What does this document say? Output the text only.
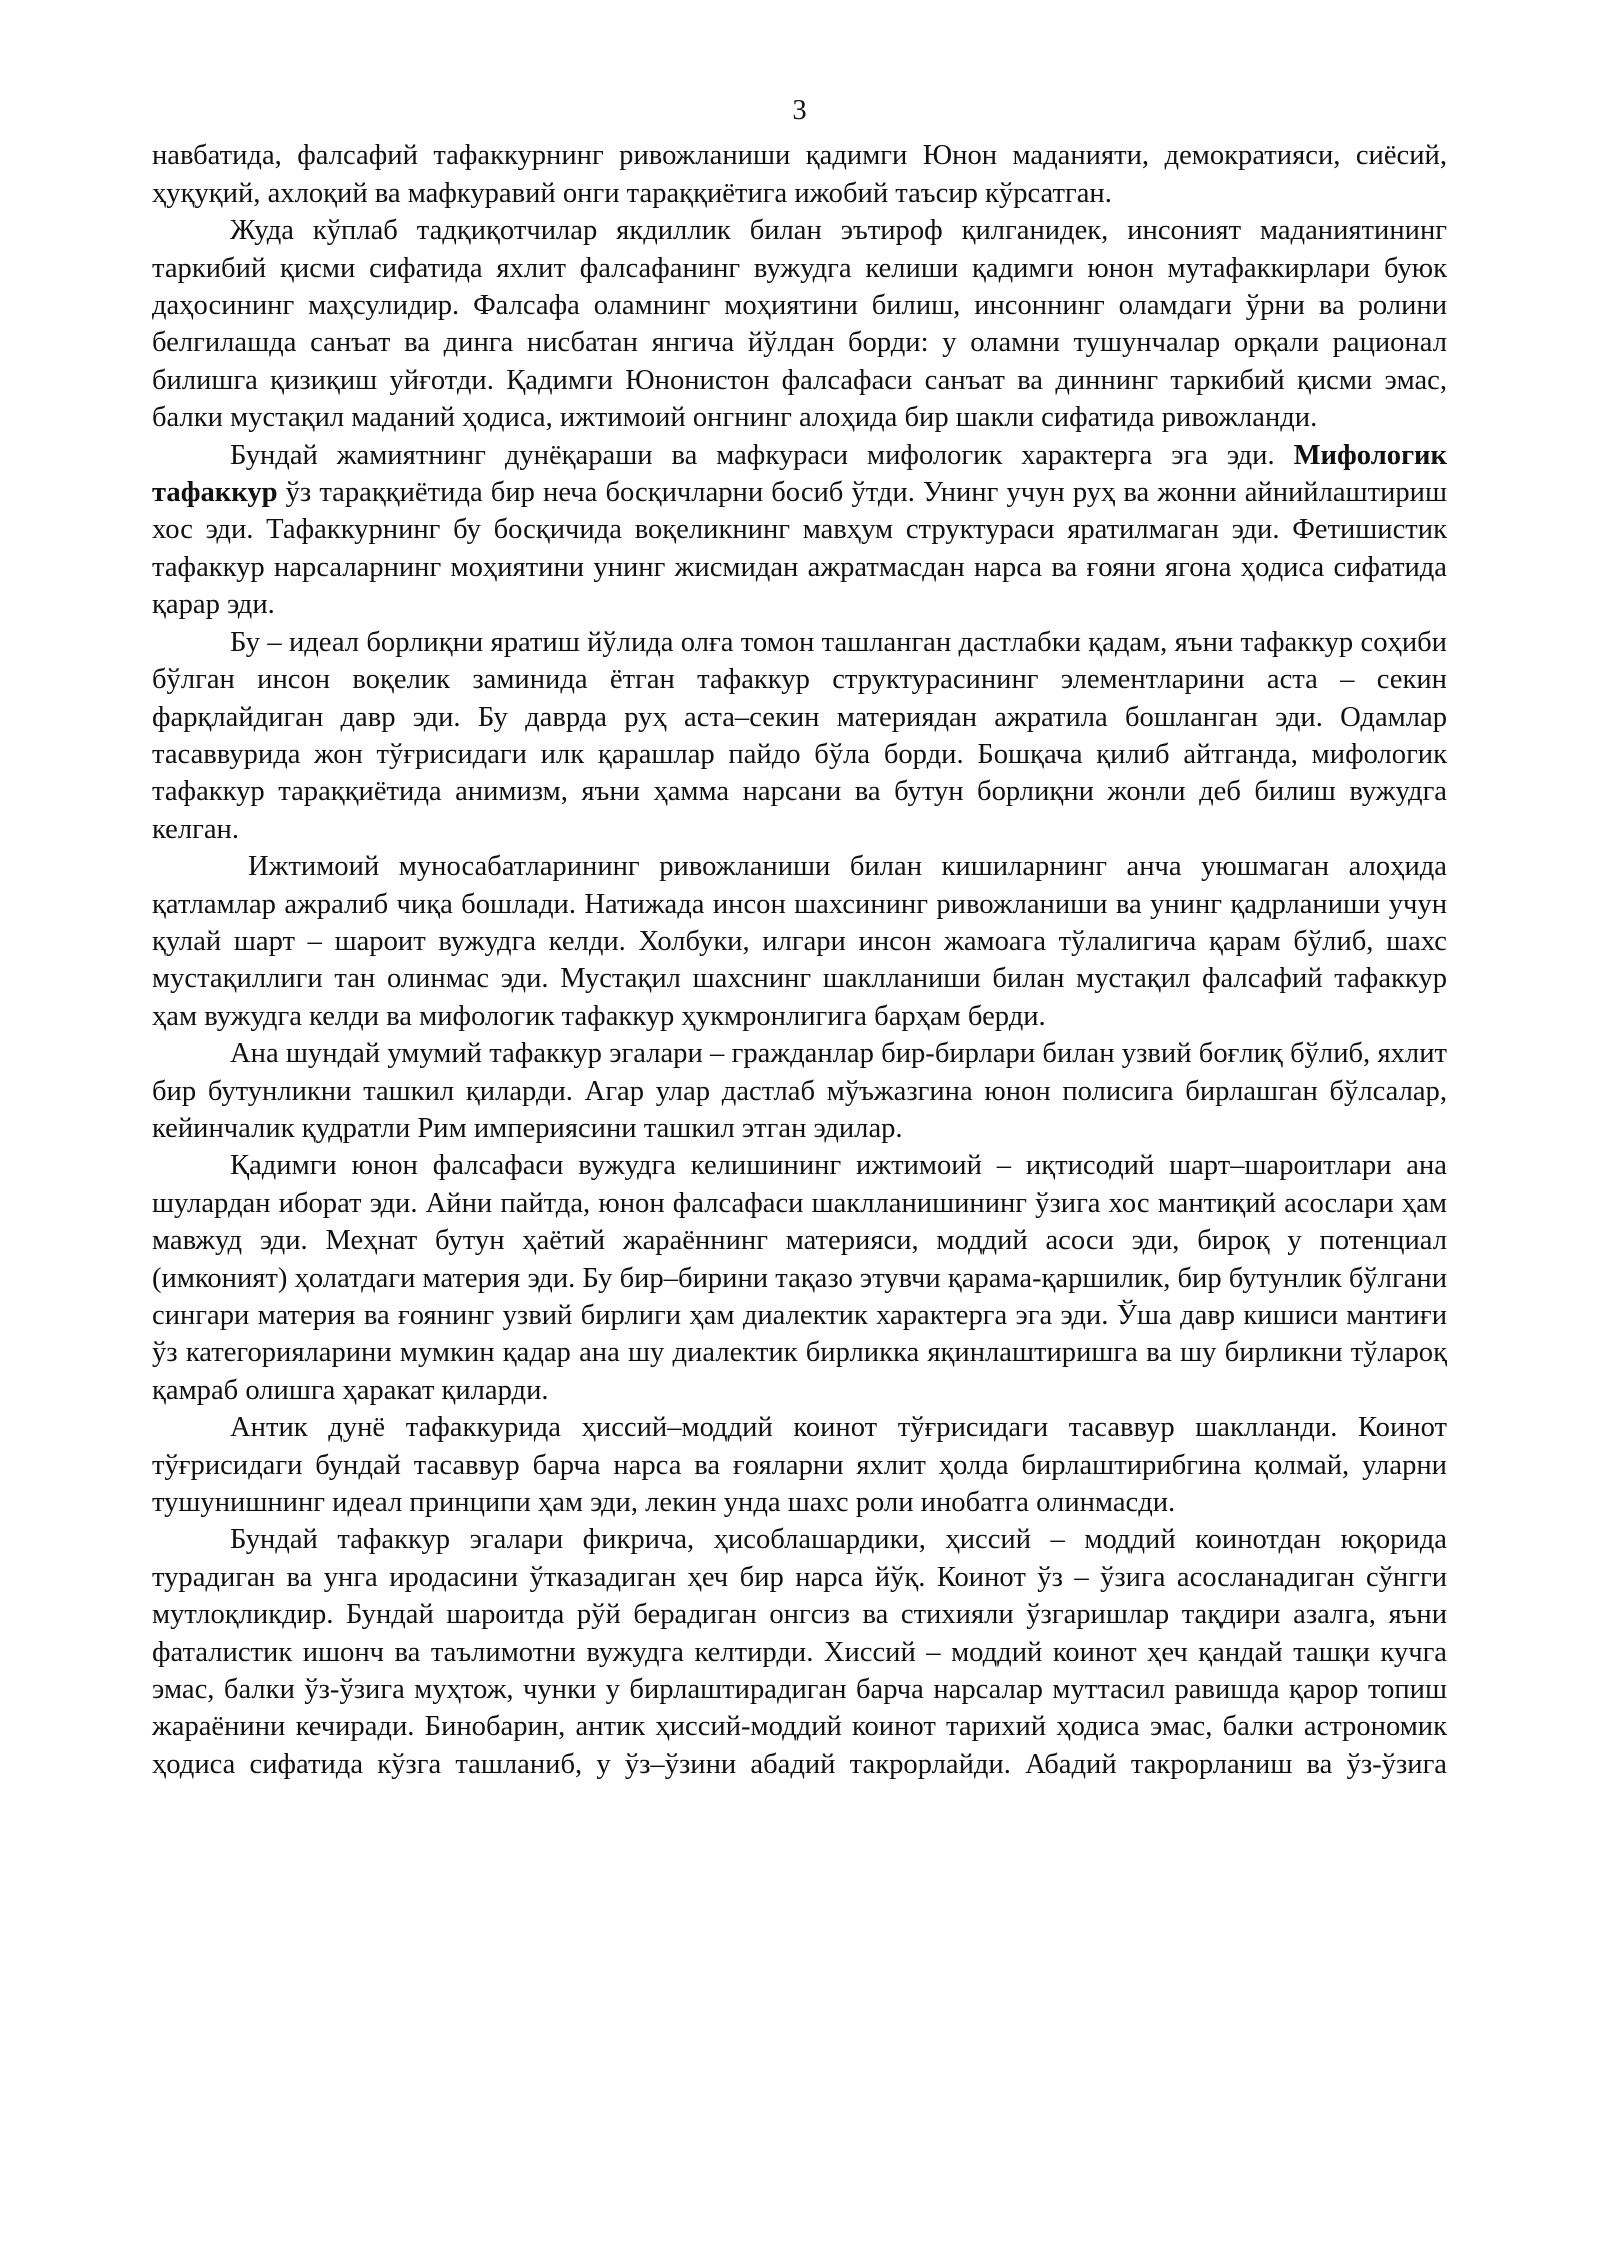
3

навбатида, фалсафий тафаккурнинг ривожланиши қадимги Юнон маданияти, демократияси, сиёсий, ҳуқуқий, ахлоқий ва мафкуравий онги тараққиётига ижобий таъсир кўрсатган.

Жуда кўплаб тадқиқотчилар якдиллик билан эътироф қилганидек, инсоният маданиятининг таркибий қисми сифатида яхлит фалсафанинг вужудга келиши қадимги юнон мутафаккирлари буюк даҳосининг маҳсулидир. Фалсафа оламнинг моҳиятини билиш, инсоннинг оламдаги ўрни ва ролини белгилашда санъат ва динга нисбатан янгича йўлдан борди: у оламни тушунчалар орқали рационал билишга қизиқиш уйғотди. Қадимги Юнонистон фалсафаси санъат ва диннинг таркибий қисми эмас, балки мустақил маданий ҳодиса, ижтимоий онгнинг алоҳида бир шакли сифатида ривожланди.

Бундай жамиятнинг дунёқараши ва мафкураси мифологик характерга эга эди. Мифологик тафаккур ўз тараққиётида бир неча босқичларни босиб ўтди. Унинг учун руҳ ва жонни айнийлаштириш хос эди. Тафаккурнинг бу босқичида воқеликнинг мавҳум структураси яратилмаган эди. Фетишистик тафаккур нарсаларнинг моҳиятини унинг жисмидан ажратмасдан нарса ва ғояни ягона ҳодиса сифатида қарар эди.

Бу – идеал борлиқни яратиш йўлида олға томон ташланган дастлабки қадам, яъни тафаккур соҳиби бўлган инсон воқелик заминида ётган тафаккур структурасининг элементларини аста – секин фарқлайдиган давр эди. Бу даврда руҳ аста–секин материядан ажратила бошланган эди. Одамлар тасаввурида жон тўғрисидаги илк қарашлар пайдо бўла борди. Бошқача қилиб айтганда, мифологик тафаккур тараққиётида анимизм, яъни ҳамма нарсани ва бутун борлиқни жонли деб билиш вужудга келган.

Ижтимоий муносабатларининг ривожланиши билан кишиларнинг анча уюшмаган алоҳида қатламлар ажралиб чиқа бошлади. Натижада инсон шахсининг ривожланиши ва унинг қадрланиши учун қулай шарт – шароит вужудга келди. Холбуки, илгари инсон жамоага тўлалигича қарам бўлиб, шахс мустақиллиги тан олинмас эди. Мустақил шахснинг шаклланиши билан мустақил фалсафий тафаккур ҳам вужудга келди ва мифологик тафаккур ҳукмронлигига барҳам берди.

Ана шундай умумий тафаккур эгалари – гражданлар бир-бирлари билан узвий боғлиқ бўлиб, яхлит бир бутунликни ташкил қиларди. Агар улар дастлаб мўъжазгина юнон полисига бирлашган бўлсалар, кейинчалик қудратли Рим империясини ташкил этган эдилар.

Қадимги юнон фалсафаси вужудга келишининг ижтимоий – иқтисодий шарт–шароитлари ана шулардан иборат эди. Айни пайтда, юнон фалсафаси шаклланишининг ўзига хос мантиқий асослари ҳам мавжуд эди. Меҳнат бутун ҳаётий жараённинг материяси, моддий асоси эди, бироқ у потенциал (имконият) ҳолатдаги материя эди. Бу бир–бирини тақазо этувчи қарама-қаршилик, бир бутунлик бўлгани сингари материя ва ғоянинг узвий бирлиги ҳам диалектик характерга эга эди. Ўша давр кишиси мантиғи ўз категорияларини мумкин қадар ана шу диалектик бирликка яқинлаштиришга ва шу бирликни тўлароқ қамраб олишга ҳаракат қиларди.

Антик дунё тафаккурида ҳиссий–моддий коинот тўғрисидаги тасаввур шаклланди. Коинот тўғрисидаги бундай тасаввур барча нарса ва ғояларни яхлит ҳолда бирлаштирибгина қолмай, уларни тушунишнинг идеал принципи ҳам эди, лекин унда шахс роли инобатга олинмасди.

Бундай тафаккур эгалари фикрича, ҳисоблашардики, ҳиссий – моддий коинотдан юқорида турадиган ва унга иродасини ўтказадиган ҳеч бир нарса йўқ. Коинот ўз – ўзига асосланадиган сўнгги мутлоқликдир. Бундай шароитда рўй берадиган онгсиз ва стихияли ўзгаришлар тақдири азалга, яъни фаталистик ишонч ва таълимотни вужудга келтирди. Хиссий – моддий коинот ҳеч қандай ташқи кучга эмас, балки ўз-ўзига муҳтож, чунки у бирлаштирадиган барча нарсалар муттасил равишда қарор топиш жараёнини кечиради. Бинобарин, антик ҳиссий-моддий коинот тарихий ҳодиса эмас, балки астрономик ҳодиса сифатида кўзга ташланиб, у ўз–ўзини абадий такрорлайди. Абадий такрорланиш ва ўз-ўзига
